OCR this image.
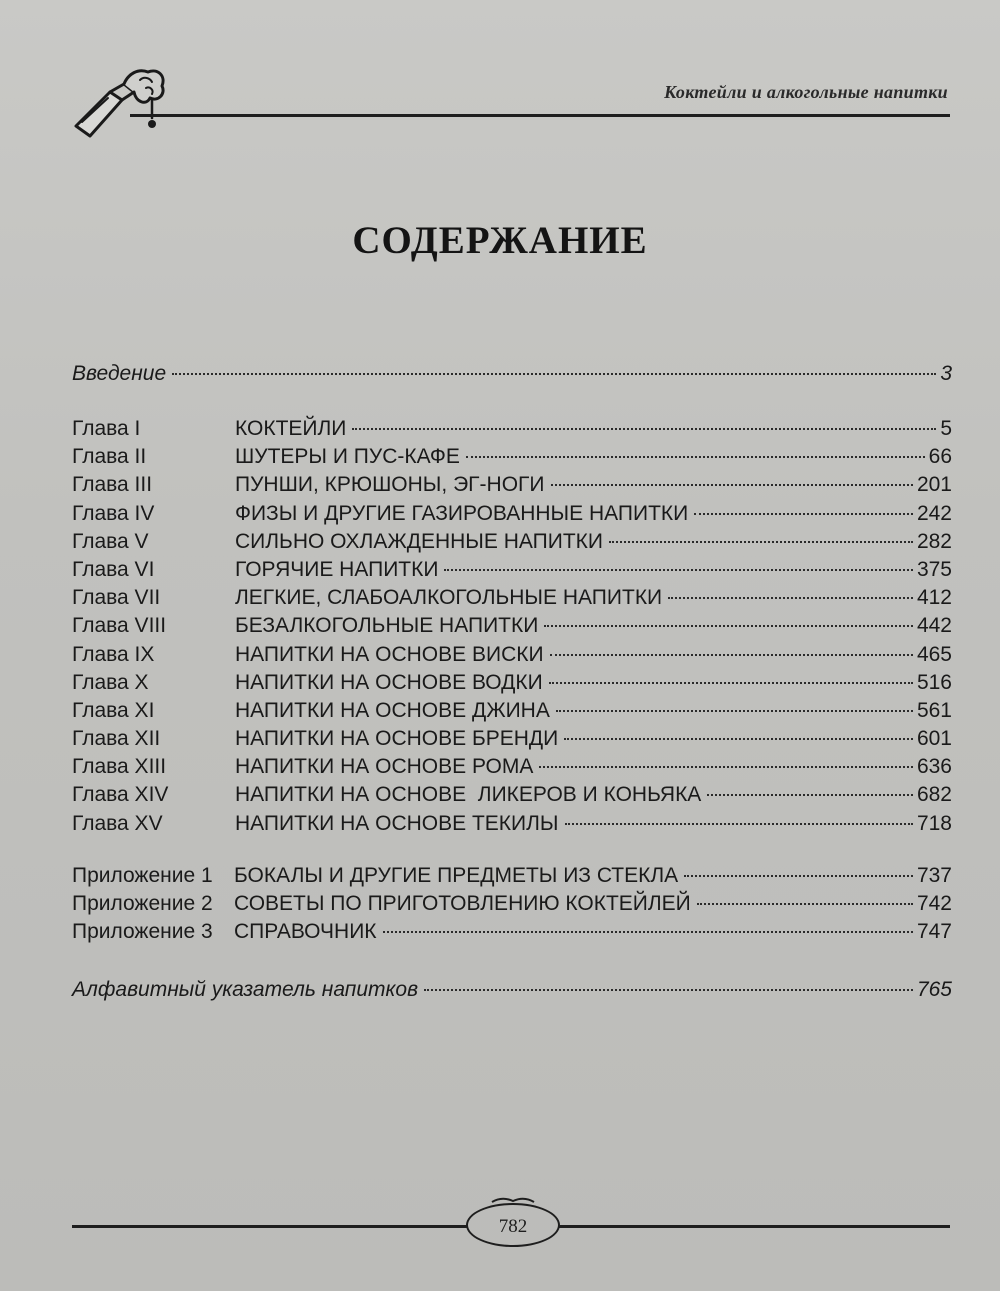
Коктейли и алкогольные напитки
СОДЕРЖАНИЕ
Введение	3
Глава I	КОКТЕЙЛИ	5
Глава II	ШУТЕРЫ И ПУС-КАФЕ	66
Глава III	ПУНШИ, КРЮШОНЫ, ЭГ-НОГИ	201
Глава IV	ФИЗЫ И ДРУГИЕ ГАЗИРОВАННЫЕ НАПИТКИ	242
Глава V	СИЛЬНО ОХЛАЖДЕННЫЕ НАПИТКИ	282
Глава VI	ГОРЯЧИЕ НАПИТКИ	375
Глава VII	ЛЕГКИЕ, СЛАБОАЛКОГОЛЬНЫЕ НАПИТКИ	412
Глава VIII	БЕЗАЛКОГОЛЬНЫЕ НАПИТКИ	442
Глава IX	НАПИТКИ НА ОСНОВЕ ВИСКИ	465
Глава X	НАПИТКИ НА ОСНОВЕ ВОДКИ	516
Глава XI	НАПИТКИ НА ОСНОВЕ ДЖИНА	561
Глава XII	НАПИТКИ НА ОСНОВЕ БРЕНДИ	601
Глава XIII	НАПИТКИ НА ОСНОВЕ РОМА	636
Глава XIV	НАПИТКИ НА ОСНОВЕ  ЛИКЕРОВ И КОНЬЯКА	682
Глава XV	НАПИТКИ НА ОСНОВЕ ТЕКИЛЫ	718
Приложение 1	БОКАЛЫ И ДРУГИЕ ПРЕДМЕТЫ ИЗ СТЕКЛА	737
Приложение 2	СОВЕТЫ ПО ПРИГОТОВЛЕНИЮ КОКТЕЙЛЕЙ	742
Приложение 3	СПРАВОЧНИК	747
Алфавитный указатель напитков	765
782
